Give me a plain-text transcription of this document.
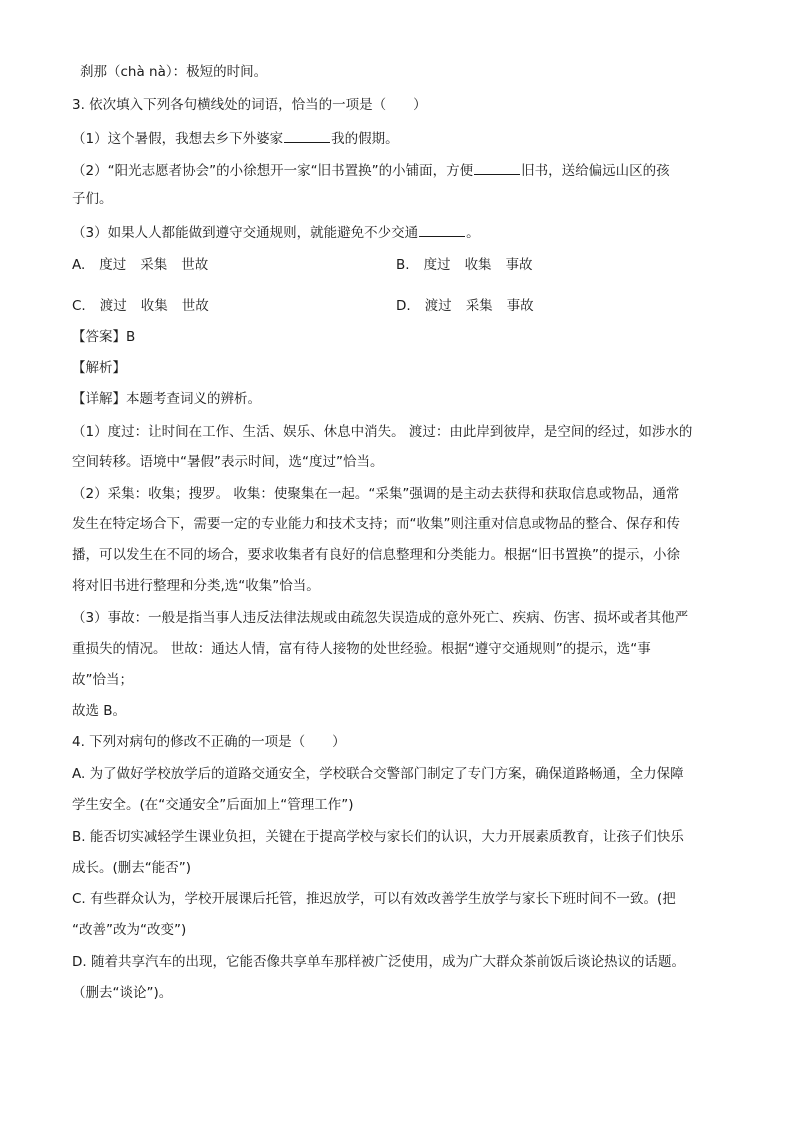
刹那（chà nà）：极短的时间。
3. 依次填入下列各句横线处的词语，恰当的一项是（　　）
（1）这个暑假，我想去乡下外婆家	我的假期。
（2）“阳光志愿者协会”的小徐想开一家“旧书置换”的小铺面，方便	旧书，送给偏远山区的孩
子们。
（3）如果人人都能做到遵守交通规则，就能避免不少交通	。
A. 度过 采集 世故	B. 度过 收集 事故
C. 渡过 收集 世故	D. 渡过 采集 事故
【答案】B
【解析】
【详解】本题考查词义的辨析。
（1）度过：让时间在工作、生活、娱乐、休息中消失。 渡过：由此岸到彼岸，是空间的经过，如涉水的
空间转移。语境中“暑假”表示时间，选“度过”恰当。
（2）采集：收集；搜罗。 收集：使聚集在一起。“采集”强调的是主动去获得和获取信息或物品，通常
发生在特定场合下，需要一定的专业能力和技术支持；而“收集”则注重对信息或物品的整合、保存和传
播，可以发生在不同的场合，要求收集者有良好的信息整理和分类能力。根据“旧书置换”的提示，小徐
将对旧书进行整理和分类,选“收集”恰当。
（3）事故：一般是指当事人违反法律法规或由疏忽失误造成的意外死亡、疾病、伤害、损坏或者其他严
重损失的情况。 世故：通达人情，富有待人接物的处世经验。根据“遵守交通规则”的提示，选“事
故”恰当；
故选 B。
4. 下列对病句的修改不正确的一项是（　　）
A. 为了做好学校放学后的道路交通安全，学校联合交警部门制定了专门方案，确保道路畅通，全力保障
学生安全。(在“交通安全”后面加上“管理工作”)
B. 能否切实减轻学生课业负担，关键在于提高学校与家长们的认识，大力开展素质教育，让孩子们快乐
成长。(删去“能否”)
C. 有些群众认为，学校开展课后托管，推迟放学，可以有效改善学生放学与家长下班时间不一致。(把
“改善”改为“改变”)
D. 随着共享汽车的出现，它能否像共享单车那样被广泛使用，成为广大群众茶前饭后谈论热议的话题。
（删去“谈论”)。
